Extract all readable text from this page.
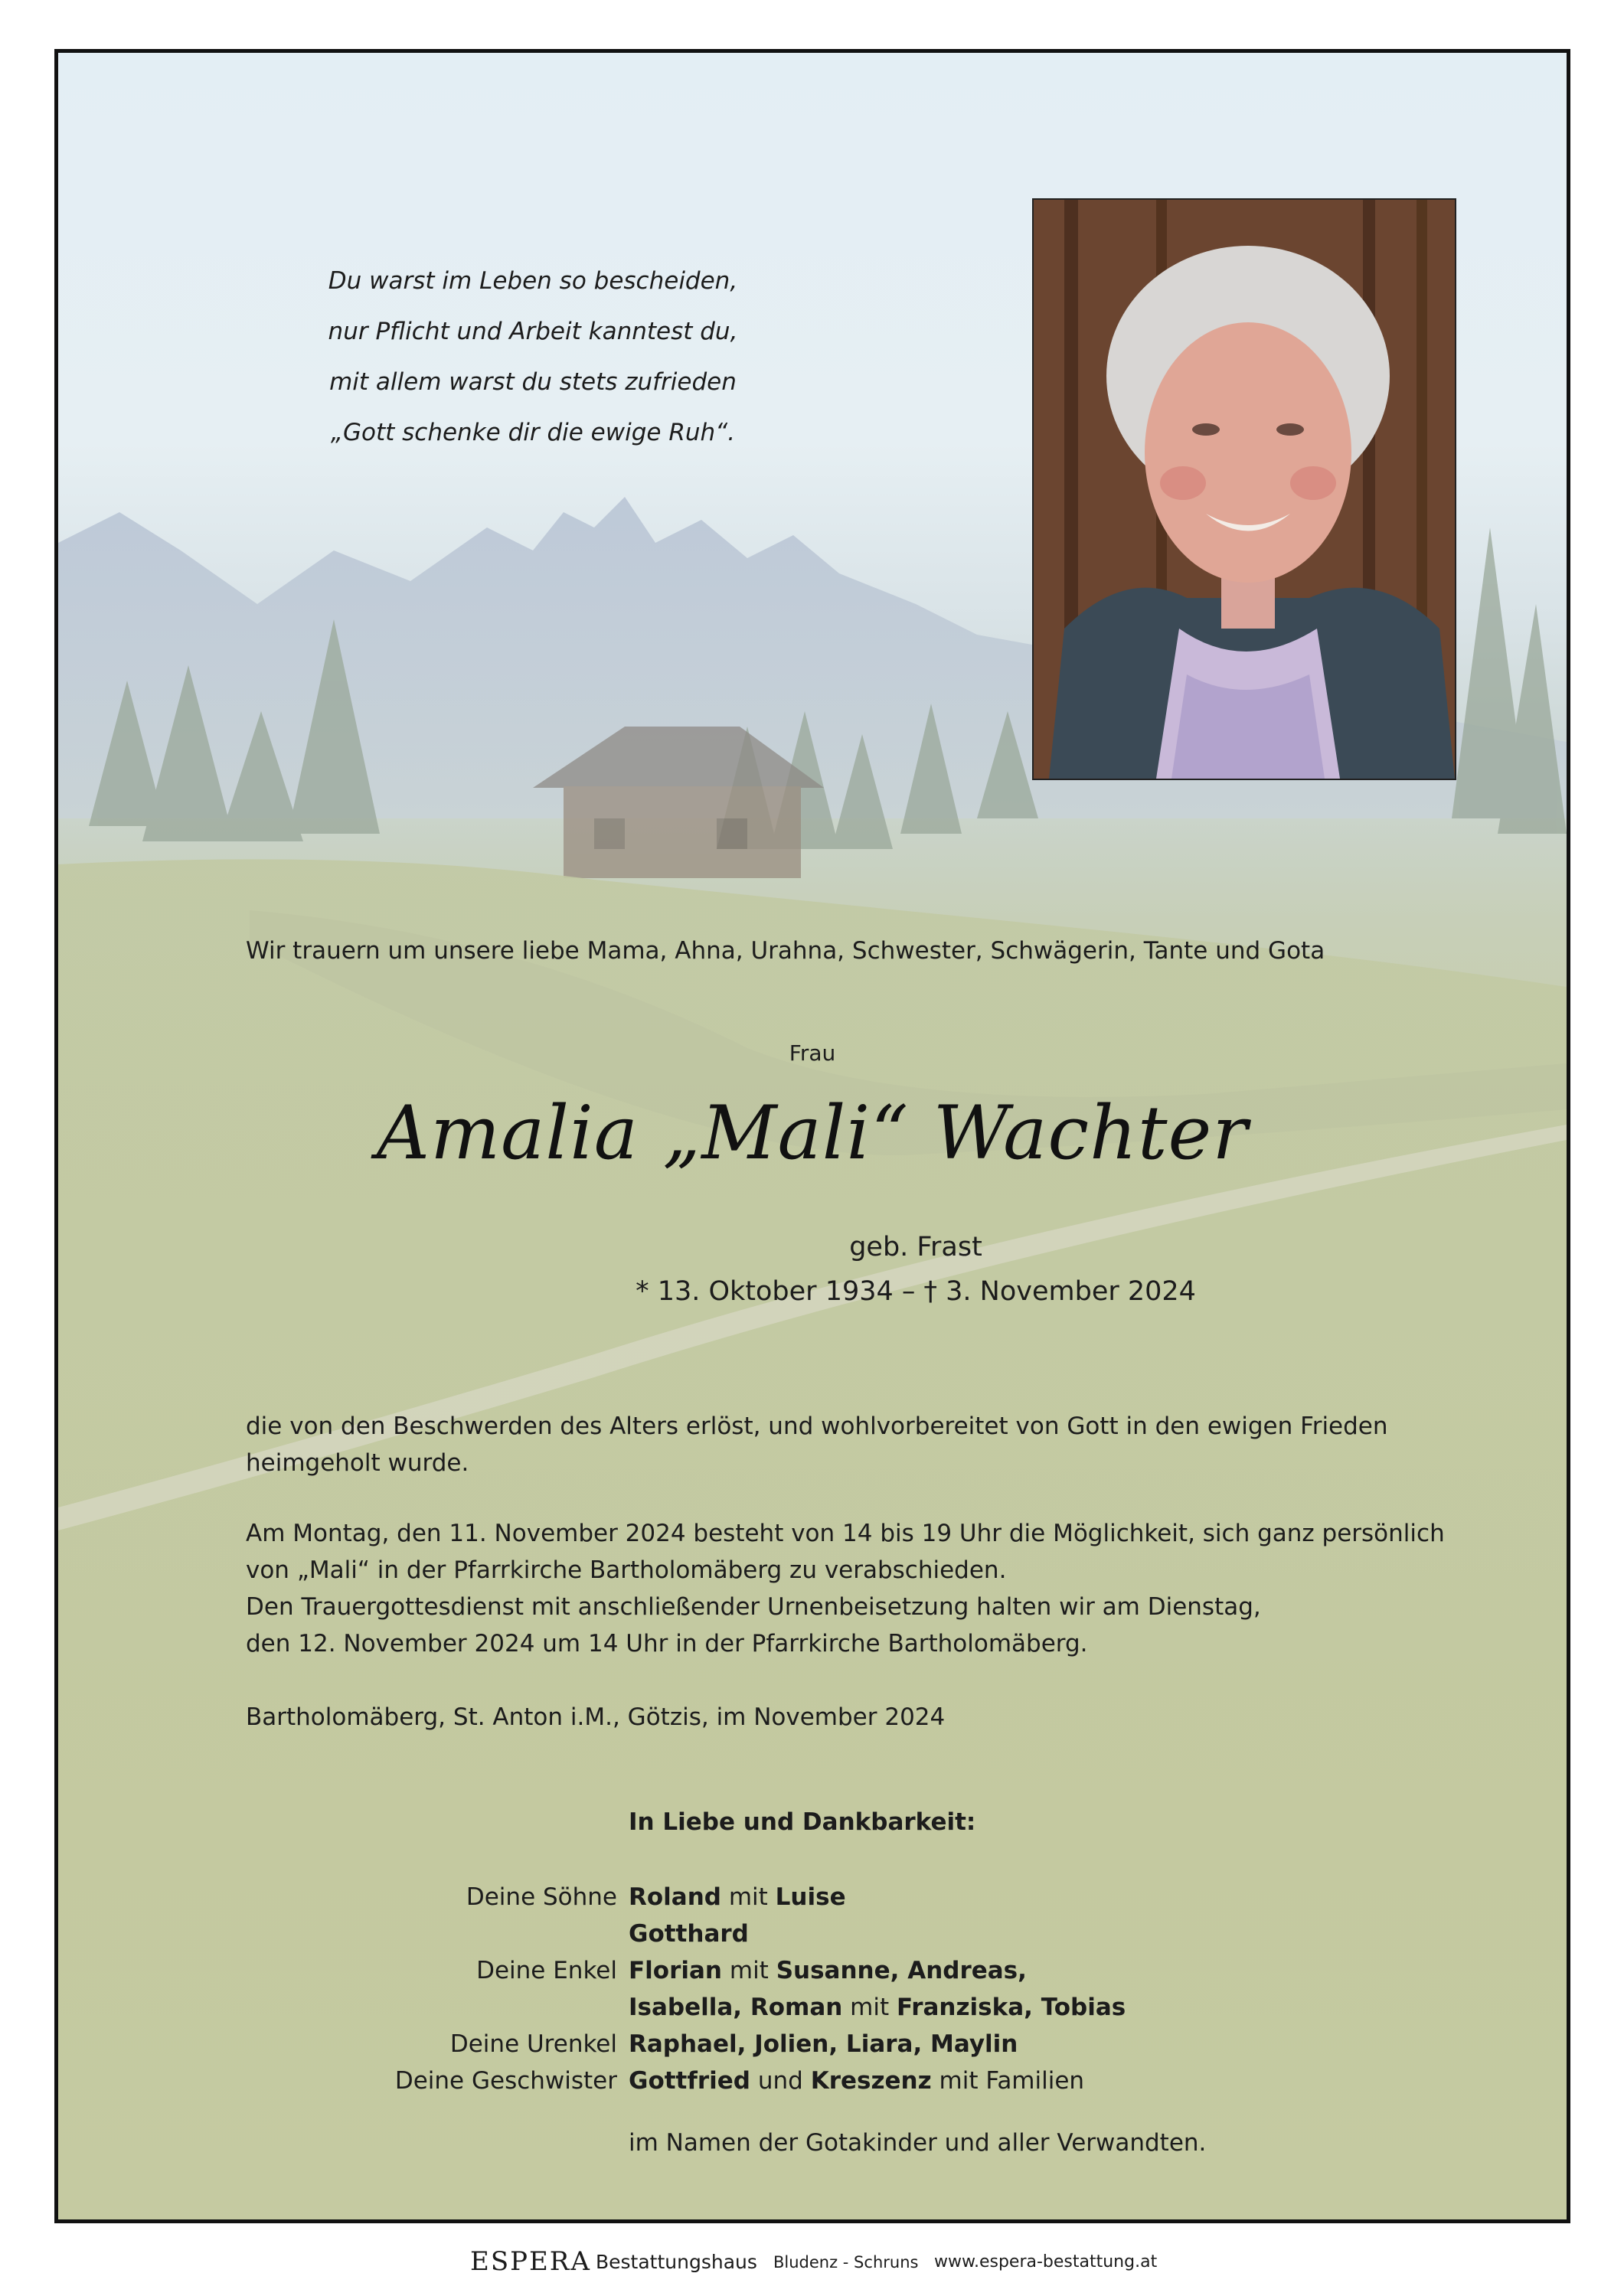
Du warst im Leben so bescheiden,
nur Pflicht und Arbeit kanntest du,
mit allem warst du stets zufrieden
„Gott schenke dir die ewige Ruh“.
Wir trauern um unsere liebe Mama, Ahna, Urahna, Schwester, Schwägerin, Tante und Gota
Frau
Amalia „Mali“ Wachter
geb. Frast
* 13. Oktober 1934 – † 3. November 2024
die von den Beschwerden des Alters erlöst, und wohlvorbereitet von Gott in den ewigen Frieden
heimgeholt wurde.
Am Montag, den 11. November 2024 besteht von 14 bis 19 Uhr die Möglichkeit, sich ganz persönlich
von „Mali“ in der Pfarrkirche Bartholomäberg zu verabschieden.
Den Trauergottesdienst mit anschließender Urnenbeisetzung halten wir am Dienstag,
den 12. November 2024 um 14 Uhr in der Pfarrkirche Bartholomäberg.
Bartholomäberg, St. Anton i.M., Götzis, im November 2024
In Liebe und Dankbarkeit:
Deine Söhne Roland mit Luise
Gotthard
Deine Enkel Florian mit Susanne, Andreas,
Isabella, Roman mit Franziska, Tobias
Deine Urenkel Raphael, Jolien, Liara, Maylin
Deine Geschwister Gottfried und Kreszenz mit Familien
im Namen der Gotakinder und aller Verwandten.
ESPERA Bestattungshaus Bludenz - Schruns www.espera-bestattung.at
